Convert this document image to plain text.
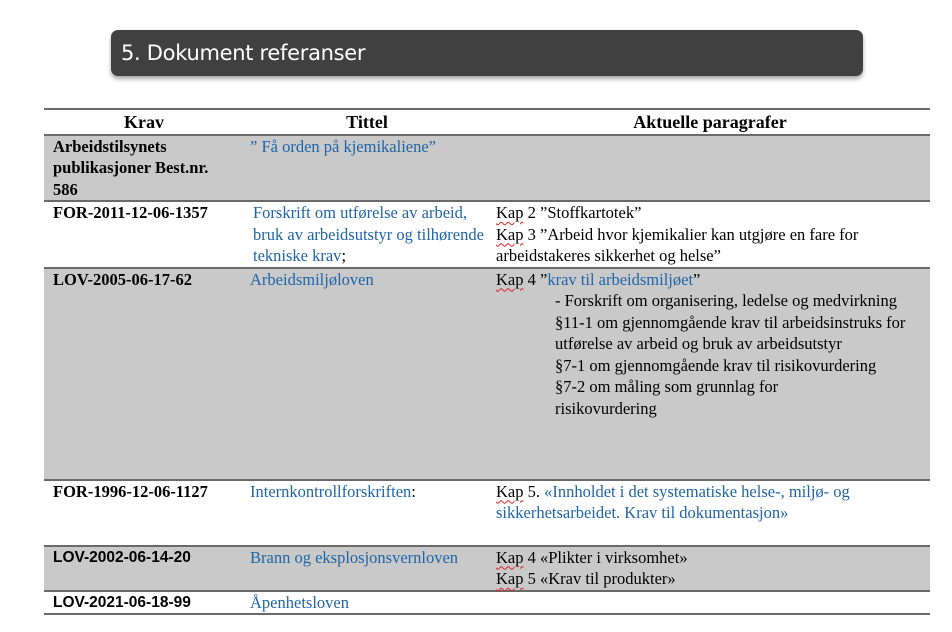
5. Dokument referanser
Krav	Tittel	Aktuelle paragrafer
Arbeidstilsynets publikasjoner Best.nr. 586	” Få orden på kjemikaliene”	
FOR-2011-12-06-1357	Forskrift om utførelse av arbeid, bruk av arbeidsutstyr og tilhørende tekniske krav;	Kap 2 ”Stoffkartotek”
Kap 3 ”Arbeid hvor kjemikalier kan utgjøre en fare for arbeidstakeres sikkerhet og helse”

LOV-2005-06-17-62	Arbeidsmiljøloven	Kap 4 ”krav til arbeidsmiljøet”
- Forskrift om organisering, ledelse og medvirkning
§11-1 om gjennomgående krav til arbeidsinstruks for utførelse av arbeid og bruk av arbeidsutstyr
§7-1 om gjennomgående krav til risikovurdering
§7-2 om måling som grunnlag for risikovurdering

FOR-1996-12-06-1127	Internkontrollforskriften:	Kap 5. «Innholdet i det systematiske helse-, miljø- og sikkerhetsarbeidet. Krav til dokumentasjon»

LOV-2002-06-14-20	Brann og eksplosjonsvernloven	Kap 4 «Plikter i virksomhet»
Kap 5 «Krav til produkter»

LOV-2021-06-18-99	Åpenhetsloven	
